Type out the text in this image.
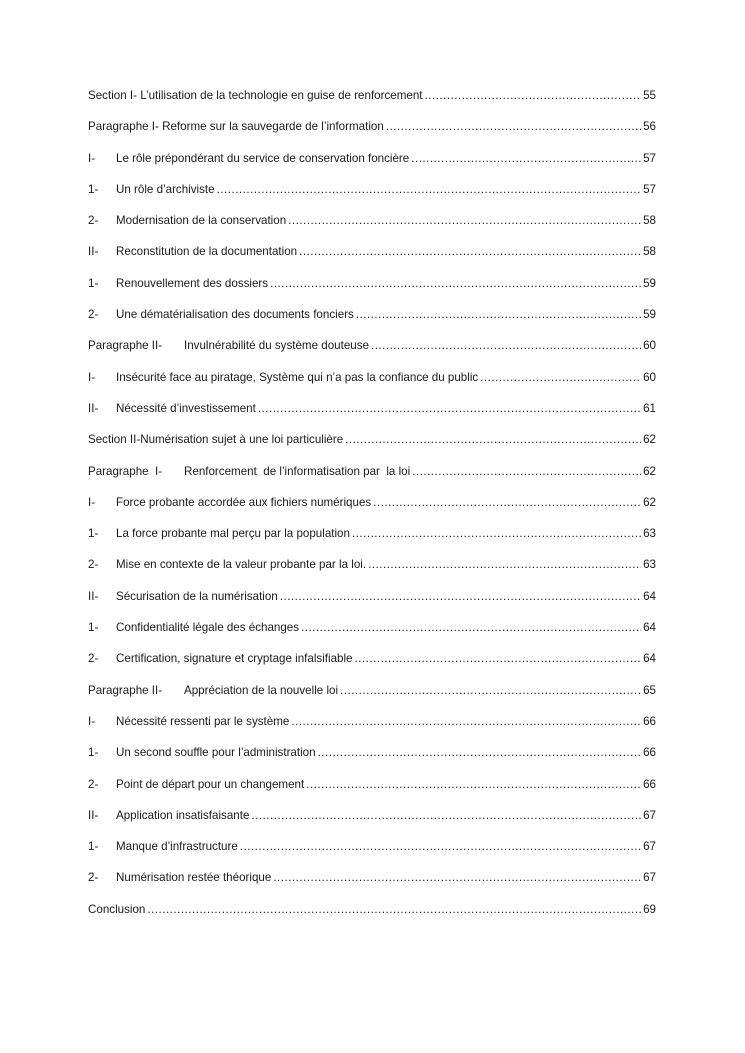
Section I- L’utilisation de la technologie en guise de renforcement .....	55
Paragraphe I- Reforme sur la sauvegarde de l’information .....	56
I-	Le rôle prépondérant du service de conservation foncière .....	57
1-	Un rôle d’archiviste .....	57
2-	Modernisation de la conservation .....	58
II-	Reconstitution de la documentation .....	58
1-	Renouvellement des dossiers .....	59
2-	Une dématérialisation des documents fonciers .....	59
Paragraphe II-	Invulnérabilité du système douteuse .....	60
I-	Insécurité face au piratage, Système qui n’a pas la confiance du public .....	60
II-	Nécessité d’investissement .....	61
Section II-Numérisation sujet à une loi particulière .....	62
Paragraphe  I-	Renforcement  de l’informatisation par  la loi .....	62
I-	Force probante accordée aux fichiers numériques .....	62
1-	La force probante mal perçu par la population .....	63
2-	Mise en contexte de la valeur probante par la loi. .....	63
II-	Sécurisation de la numérisation .....	64
1-	Confidentialité légale des échanges .....	64
2-	Certification, signature et cryptage infalsifiable .....	64
Paragraphe II-	Appréciation de la nouvelle loi .....	65
I-	Nécessité ressenti par le système .....	66
1-	Un second souffle pour l’administration .....	66
2-	Point de départ pour un changement .....	66
II-	Application insatisfaisante .....	67
1-	Manque d’infrastructure .....	67
2-	Numérisation restée théorique .....	67
Conclusion .....	69
